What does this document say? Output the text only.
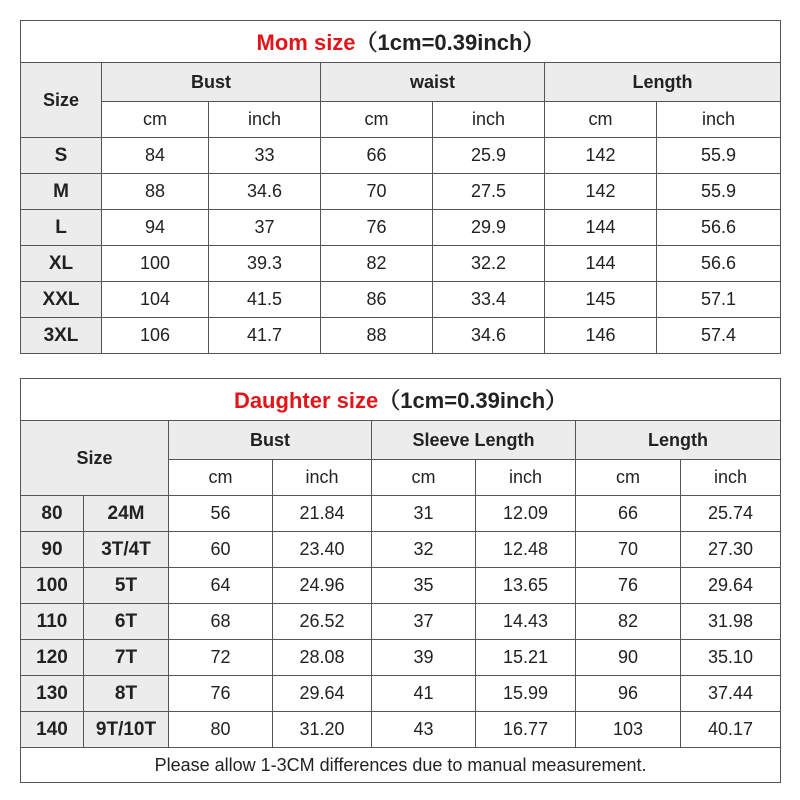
Mom size（1cm=0.39inch）						
Size	Bust		waist		Length	
	cm	inch	cm	inch	cm	inch
S	84	33	66	25.9	142	55.9
M	88	34.6	70	27.5	142	55.9
L	94	37	76	29.9	144	56.6
XL	100	39.3	82	32.2	144	56.6
XXL	104	41.5	86	33.4	145	57.1
3XL	106	41.7	88	34.6	146	57.4
Daughter size（1cm=0.39inch）							
Size		Bust		Sleeve Length		Length	
		cm	inch	cm	inch	cm	inch
80	24M	56	21.84	31	12.09	66	25.74
90	3T/4T	60	23.40	32	12.48	70	27.30
100	5T	64	24.96	35	13.65	76	29.64
110	6T	68	26.52	37	14.43	82	31.98
120	7T	72	28.08	39	15.21	90	35.10
130	8T	76	29.64	41	15.99	96	37.44
140	9T/10T	80	31.20	43	16.77	103	40.17
Please allow 1-3CM differences due to manual measurement.							
